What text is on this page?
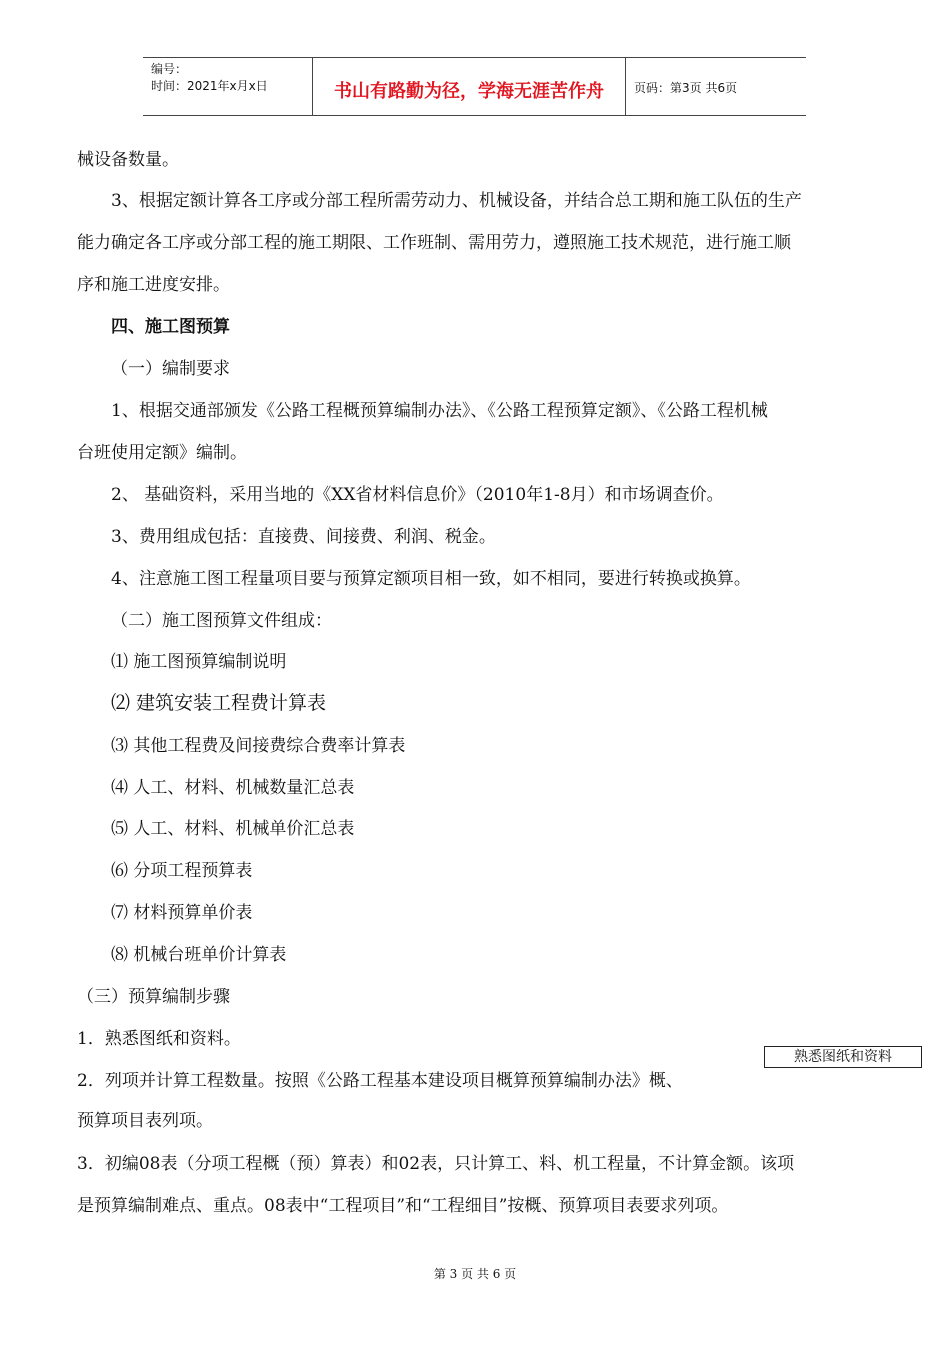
编号：
时间：2021年x月x日	书山有路勤为径，学海无涯苦作舟	页码：第3页 共6页
械设备数量。
3、根据定额计算各工序或分部工程所需劳动力、机械设备，并结合总工期和施工队伍的生产
能力确定各工序或分部工程的施工期限、工作班制、需用劳力，遵照施工技术规范，进行施工顺
序和施工进度安排。
四、施工图预算
（一）编制要求
1、根据交通部颁发《公路工程概预算编制办法》、《公路工程预算定额》、《公路工程机械
台班使用定额》编制。
2、 基础资料，采用当地的《XX省材料信息价》（2010年1-8月）和市场调查价。
3、费用组成包括：直接费、间接费、利润、税金。
4、注意施工图工程量项目要与预算定额项目相一致，如不相同，要进行转换或换算。
（二）施工图预算文件组成：
⑴ 施工图预算编制说明
⑵ 建筑安装工程费计算表
⑶ 其他工程费及间接费综合费率计算表
⑷ 人工、材料、机械数量汇总表
⑸ 人工、材料、机械单价汇总表
⑹ 分项工程预算表
⑺ 材料预算单价表
⑻ 机械台班单价计算表
（三）预算编制步骤
1．熟悉图纸和资料。
2．列项并计算工程数量。按照《公路工程基本建设项目概算预算编制办法》概、
预算项目表列项。
3．初编08表（分项工程概（预）算表）和02表，只计算工、料、机工程量，不计算金额。该项
是预算编制难点、重点。08表中“工程项目”和“工程细目”按概、预算项目表要求列项。
熟悉图纸和资料
第 3 页 共 6 页
